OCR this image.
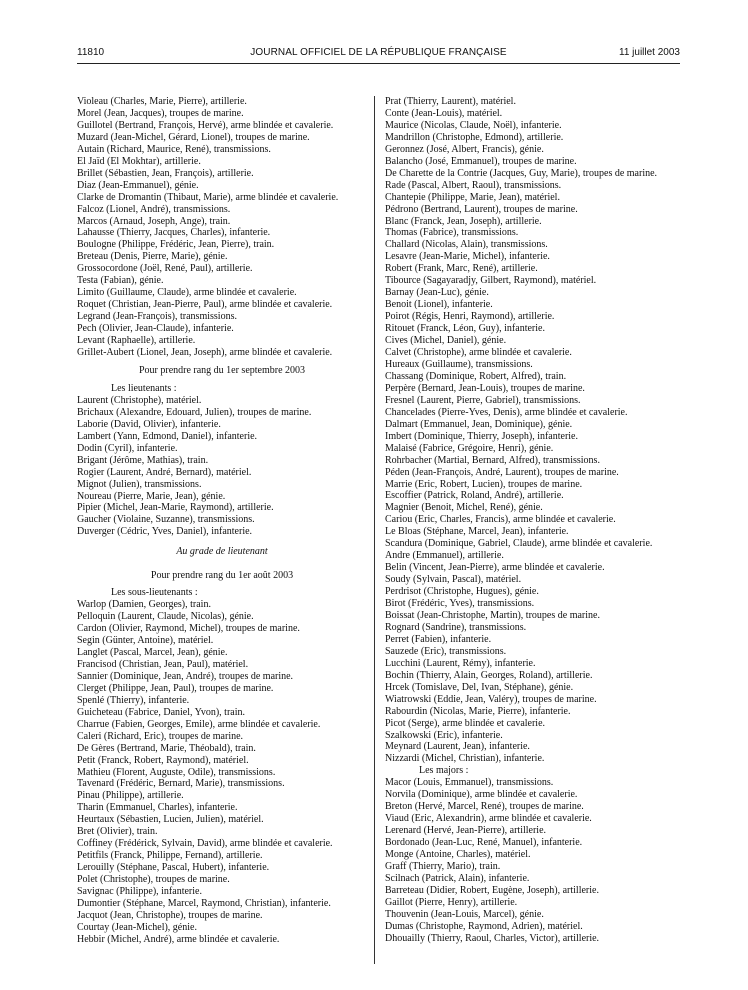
11810	JOURNAL OFFICIEL DE LA RÉPUBLIQUE FRANÇAISE	11 juillet 2003
Violeau (Charles, Marie, Pierre), artillerie.
Morel (Jean, Jacques), troupes de marine.
Guillotel (Bertrand, François, Hervé), arme blindée et cavalerie.
Muzard (Jean-Michel, Gérard, Lionel), troupes de marine.
Autain (Richard, Maurice, René), transmissions.
El Jaïd (El Mokhtar), artillerie.
Brillet (Sébastien, Jean, François), artillerie.
Diaz (Jean-Emmanuel), génie.
Clarke de Dromantin (Thibaut, Marie), arme blindée et cavalerie.
Falcoz (Lionel, André), transmissions.
Marcos (Arnaud, Joseph, Ange), train.
Lahausse (Thierry, Jacques, Charles), infanterie.
Boulogne (Philippe, Frédéric, Jean, Pierre), train.
Breteau (Denis, Pierre, Marie), génie.
Grossocordone (Joël, René, Paul), artillerie.
Testa (Fabian), génie.
Limito (Guillaume, Claude), arme blindée et cavalerie.
Roquet (Christian, Jean-Pierre, Paul), arme blindée et cavalerie.
Legrand (Jean-François), transmissions.
Pech (Olivier, Jean-Claude), infanterie.
Levant (Raphaelle), artillerie.
Grillet-Aubert (Lionel, Jean, Joseph), arme blindée et cavalerie.
Pour prendre rang du 1er septembre 2003
Les lieutenants :
Laurent (Christophe), matériel.
Brichaux (Alexandre, Edouard, Julien), troupes de marine.
Laborie (David, Olivier), infanterie.
Lambert (Yann, Edmond, Daniel), infanterie.
Dodin (Cyril), infanterie.
Brigant (Jérôme, Mathias), train.
Rogier (Laurent, André, Bernard), matériel.
Mignot (Julien), transmissions.
Noureau (Pierre, Marie, Jean), génie.
Pipier (Michel, Jean-Marie, Raymond), artillerie.
Gaucher (Violaine, Suzanne), transmissions.
Duverger (Cédric, Yves, Daniel), infanterie.
Au grade de lieutenant
Pour prendre rang du 1er août 2003
Les sous-lieutenants :
Warlop (Damien, Georges), train.
Pelloquin (Laurent, Claude, Nicolas), génie.
Cardon (Olivier, Raymond, Michel), troupes de marine.
Segin (Günter, Antoine), matériel.
Langlet (Pascal, Marcel, Jean), génie.
Francisod (Christian, Jean, Paul), matériel.
Sannier (Dominique, Jean, André), troupes de marine.
Clerget (Philippe, Jean, Paul), troupes de marine.
Spenlé (Thierry), infanterie.
Guicheteau (Fabrice, Daniel, Yvon), train.
Charrue (Fabien, Georges, Emile), arme blindée et cavalerie.
Caleri (Richard, Eric), troupes de marine.
De Gères (Bertrand, Marie, Théobald), train.
Petit (Franck, Robert, Raymond), matériel.
Mathieu (Florent, Auguste, Odile), transmissions.
Tavenard (Frédéric, Bernard, Marie), transmissions.
Pinau (Philippe), artillerie.
Tharin (Emmanuel, Charles), infanterie.
Heurtaux (Sébastien, Lucien, Julien), matériel.
Bret (Olivier), train.
Coffiney (Frédérick, Sylvain, David), arme blindée et cavalerie.
Petitfils (Franck, Philippe, Fernand), artillerie.
Lerouilly (Stéphane, Pascal, Hubert), infanterie.
Polet (Christophe), troupes de marine.
Savignac (Philippe), infanterie.
Dumontier (Stéphane, Marcel, Raymond, Christian), infanterie.
Jacquot (Jean, Christophe), troupes de marine.
Courtay (Jean-Michel), génie.
Hebbir (Michel, André), arme blindée et cavalerie.
Prat (Thierry, Laurent), matériel.
Conte (Jean-Louis), matériel.
Maurice (Nicolas, Claude, Noël), infanterie.
Mandrillon (Christophe, Edmond), artillerie.
Geronnez (José, Albert, Francis), génie.
Balancho (José, Emmanuel), troupes de marine.
De Charette de la Contrie (Jacques, Guy, Marie), troupes de marine.
Rade (Pascal, Albert, Raoul), transmissions.
Chantepie (Philippe, Marie, Jean), matériel.
Pédrono (Bertrand, Laurent), troupes de marine.
Blanc (Franck, Jean, Joseph), artillerie.
Thomas (Fabrice), transmissions.
Challard (Nicolas, Alain), transmissions.
Lesavre (Jean-Marie, Michel), infanterie.
Robert (Frank, Marc, René), artillerie.
Tibource (Sagayaradjy, Gilbert, Raymond), matériel.
Barnay (Jean-Luc), génie.
Benoit (Lionel), infanterie.
Poirot (Régis, Henri, Raymond), artillerie.
Ritouet (Franck, Léon, Guy), infanterie.
Cives (Michel, Daniel), génie.
Calvet (Christophe), arme blindée et cavalerie.
Hureaux (Guillaume), transmissions.
Chassang (Dominique, Robert, Alfred), train.
Perpère (Bernard, Jean-Louis), troupes de marine.
Fresnel (Laurent, Pierre, Gabriel), transmissions.
Chancelades (Pierre-Yves, Denis), arme blindée et cavalerie.
Dalmart (Emmanuel, Jean, Dominique), génie.
Imbert (Dominique, Thierry, Joseph), infanterie.
Malaisé (Fabrice, Grégoire, Henri), génie.
Rohrbacher (Martial, Bernard, Alfred), transmissions.
Péden (Jean-François, André, Laurent), troupes de marine.
Marrie (Eric, Robert, Lucien), troupes de marine.
Escoffier (Patrick, Roland, André), artillerie.
Magnier (Benoit, Michel, René), génie.
Cariou (Eric, Charles, Francis), arme blindée et cavalerie.
Le Bloas (Stéphane, Marcel, Jean), infanterie.
Scandura (Dominique, Gabriel, Claude), arme blindée et cavalerie.
Andre (Emmanuel), artillerie.
Belin (Vincent, Jean-Pierre), arme blindée et cavalerie.
Soudy (Sylvain, Pascal), matériel.
Perdrisot (Christophe, Hugues), génie.
Birot (Frédéric, Yves), transmissions.
Boissat (Jean-Christophe, Martin), troupes de marine.
Rognard (Sandrine), transmissions.
Perret (Fabien), infanterie.
Sauzede (Eric), transmissions.
Lucchini (Laurent, Rémy), infanterie.
Bochin (Thierry, Alain, Georges, Roland), artillerie.
Hrcek (Tomislave, Del, Ivan, Stéphane), génie.
Wiatrowski (Eddie, Jean, Valéry), troupes de marine.
Rabourdin (Nicolas, Marie, Pierre), infanterie.
Picot (Serge), arme blindée et cavalerie.
Szalkowski (Eric), infanterie.
Meynard (Laurent, Jean), infanterie.
Nizzardi (Michel, Christian), infanterie.
Les majors :
Macor (Louis, Emmanuel), transmissions.
Norvila (Dominique), arme blindée et cavalerie.
Breton (Hervé, Marcel, René), troupes de marine.
Viaud (Eric, Alexandrin), arme blindée et cavalerie.
Lerenard (Hervé, Jean-Pierre), artillerie.
Bordonado (Jean-Luc, René, Manuel), infanterie.
Monge (Antoine, Charles), matériel.
Graff (Thierry, Mario), train.
Scilnach (Patrick, Alain), infanterie.
Barreteau (Didier, Robert, Eugène, Joseph), artillerie.
Gaillot (Pierre, Henry), artillerie.
Thouvenin (Jean-Louis, Marcel), génie.
Dumas (Christophe, Raymond, Adrien), matériel.
Dhouailly (Thierry, Raoul, Charles, Victor), artillerie.
